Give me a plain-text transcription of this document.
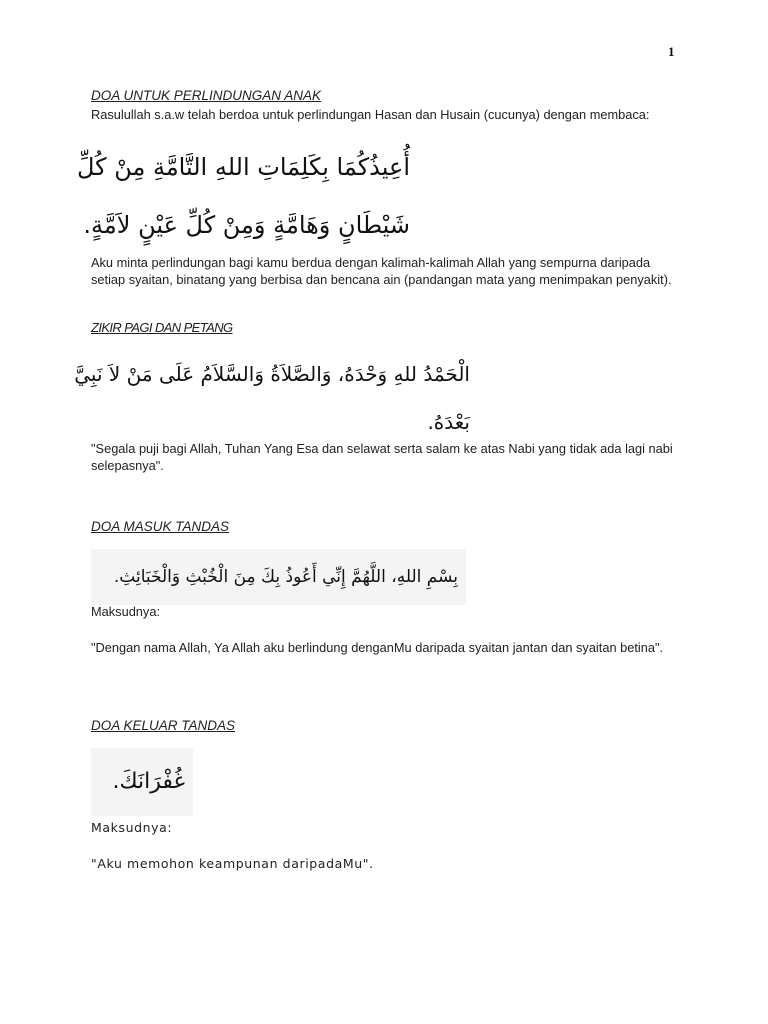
1
DOA UNTUK PERLINDUNGAN ANAK
Rasulullah s.a.w telah berdoa untuk perlindungan Hasan dan Husain (cucunya) dengan membaca:
أُعِيذُكُمَا بِكَلِمَاتِ اللهِ التَّامَّةِ مِنْ كُلِّ
شَيْطَانٍ وَهَامَّةٍ وَمِنْ كُلِّ عَيْنٍ لاَمَّةٍ.
Aku minta perlindungan bagi kamu berdua dengan kalimah-kalimah Allah yang sempurna daripada setiap syaitan, binatang yang berbisa dan bencana ain (pandangan mata yang menimpakan penyakit).
ZIKIR PAGI DAN PETANG
الْحَمْدُ للهِ وَحْدَهُ، وَالصَّلاَةُ وَالسَّلاَمُ عَلَى مَنْ لاَ نَبِيَّ
بَعْدَهُ.
"Segala puji bagi Allah, Tuhan Yang Esa dan selawat serta salam ke atas Nabi yang tidak ada lagi nabi selepasnya".
DOA MASUK TANDAS
بِسْمِ اللهِ، اللَّهُمَّ إِنِّي أَعُوذُ بِكَ مِنَ الْخُبْثِ وَالْخَبَائِثِ.
Maksudnya:
"Dengan nama Allah, Ya Allah aku berlindung denganMu daripada syaitan jantan dan syaitan betina".
DOA KELUAR TANDAS
غُفْرَانَكَ.
Maksudnya:
"Aku memohon keampunan daripadaMu".
